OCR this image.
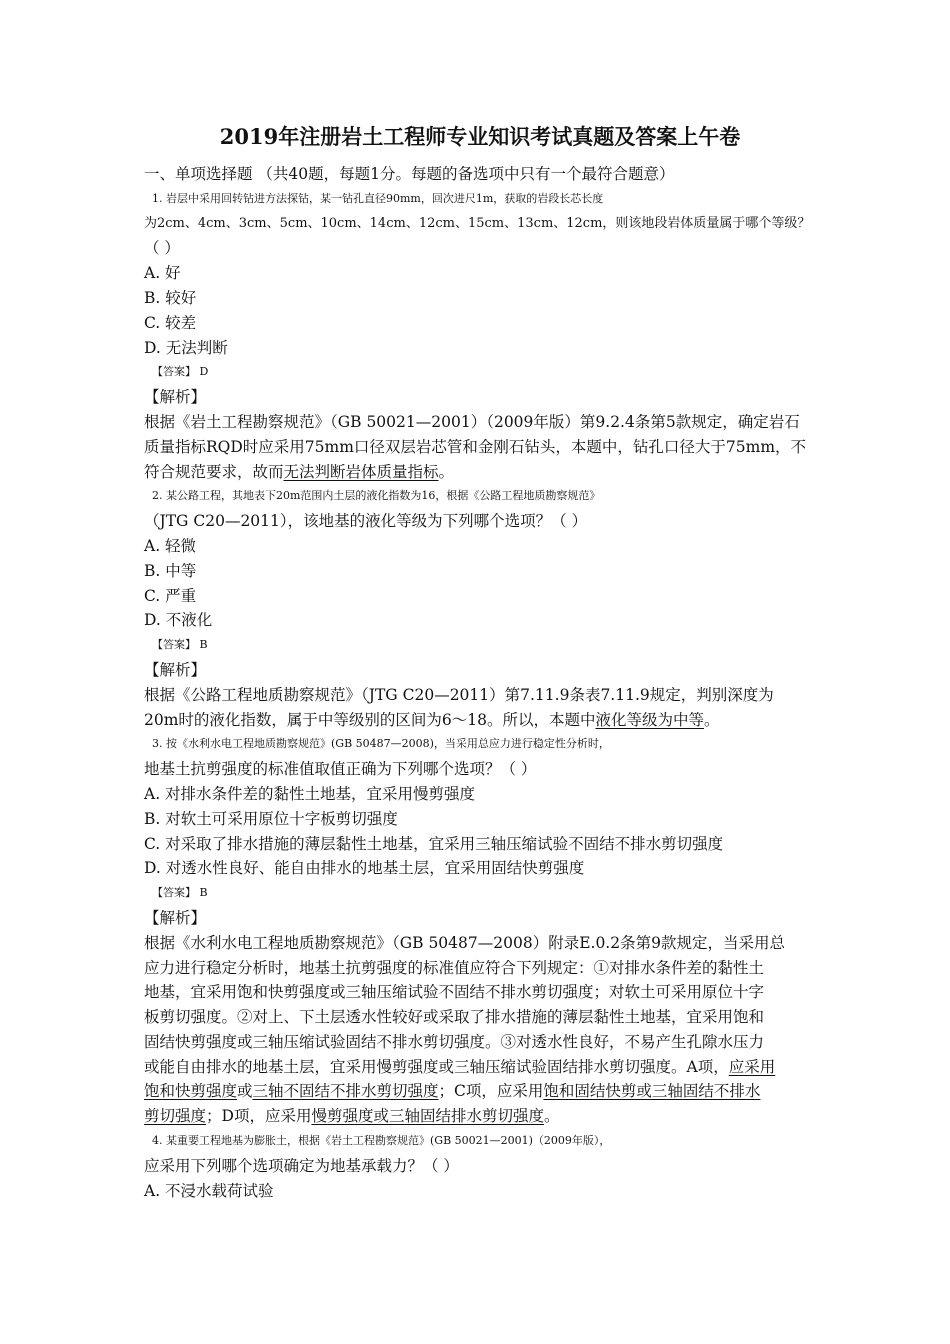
2019年注册岩土工程师专业知识考试真题及答案上午卷
一、单项选择题 （共40题，每题1分。每题的备选项中只有一个最符合题意）
1. 岩层中采用回转钻进方法探钻，某一钻孔直径90mm，回次进尺1m，获取的岩段长芯长度
为2cm、4cm、3cm、5cm、10cm、14cm、12cm、15cm、13cm、12cm，则该地段岩体质量属于哪个等级？
（ ）
A. 好
B. 较好
C. 较差
D. 无法判断
【答案】 D
【解析】
根据《岩土工程勘察规范》（GB 50021—2001）（2009年版）第9.2.4条第5款规定，确定岩石
质量指标RQD时应采用75mm口径双层岩芯管和金刚石钻头，本题中，钻孔口径大于75mm，不
符合规范要求，故而无法判断岩体质量指标。
2. 某公路工程，其地表下20m范围内土层的液化指数为16，根据《公路工程地质勘察规范》
（JTG C20—2011），该地基的液化等级为下列哪个选项？（ ）
A. 轻微
B. 中等
C. 严重
D. 不液化
【答案】 B
【解析】
根据《公路工程地质勘察规范》（JTG C20—2011）第7.11.9条表7.11.9规定，判别深度为
20m时的液化指数，属于中等级别的区间为6～18。所以，本题中液化等级为中等。
3. 按《水利水电工程地质勘察规范》(GB 50487—2008)，当采用总应力进行稳定性分析时，
地基土抗剪强度的标准值取值正确为下列哪个选项？（ ）
A. 对排水条件差的黏性土地基，宜采用慢剪强度
B. 对软土可采用原位十字板剪切强度
C. 对采取了排水措施的薄层黏性土地基，宜采用三轴压缩试验不固结不排水剪切强度
D. 对透水性良好、能自由排水的地基土层，宜采用固结快剪强度
【答案】 B
【解析】
根据《水利水电工程地质勘察规范》（GB 50487—2008）附录E.0.2条第9款规定，当采用总
应力进行稳定分析时，地基土抗剪强度的标准值应符合下列规定：①对排水条件差的黏性土
地基，宜采用饱和快剪强度或三轴压缩试验不固结不排水剪切强度；对软土可采用原位十字
板剪切强度。②对上、下土层透水性较好或采取了排水措施的薄层黏性土地基，宜采用饱和
固结快剪强度或三轴压缩试验固结不排水剪切强度。③对透水性良好，不易产生孔隙水压力
或能自由排水的地基土层，宜采用慢剪强度或三轴压缩试验固结排水剪切强度。A项，应采用
饱和快剪强度或三轴不固结不排水剪切强度；C项，应采用饱和固结快剪或三轴固结不排水
剪切强度；D项，应采用慢剪强度或三轴固结排水剪切强度。
4. 某重要工程地基为膨胀土，根据《岩土工程勘察规范》(GB 50021—2001)（2009年版），
应采用下列哪个选项确定为地基承载力？（ ）
A. 不浸水载荷试验
